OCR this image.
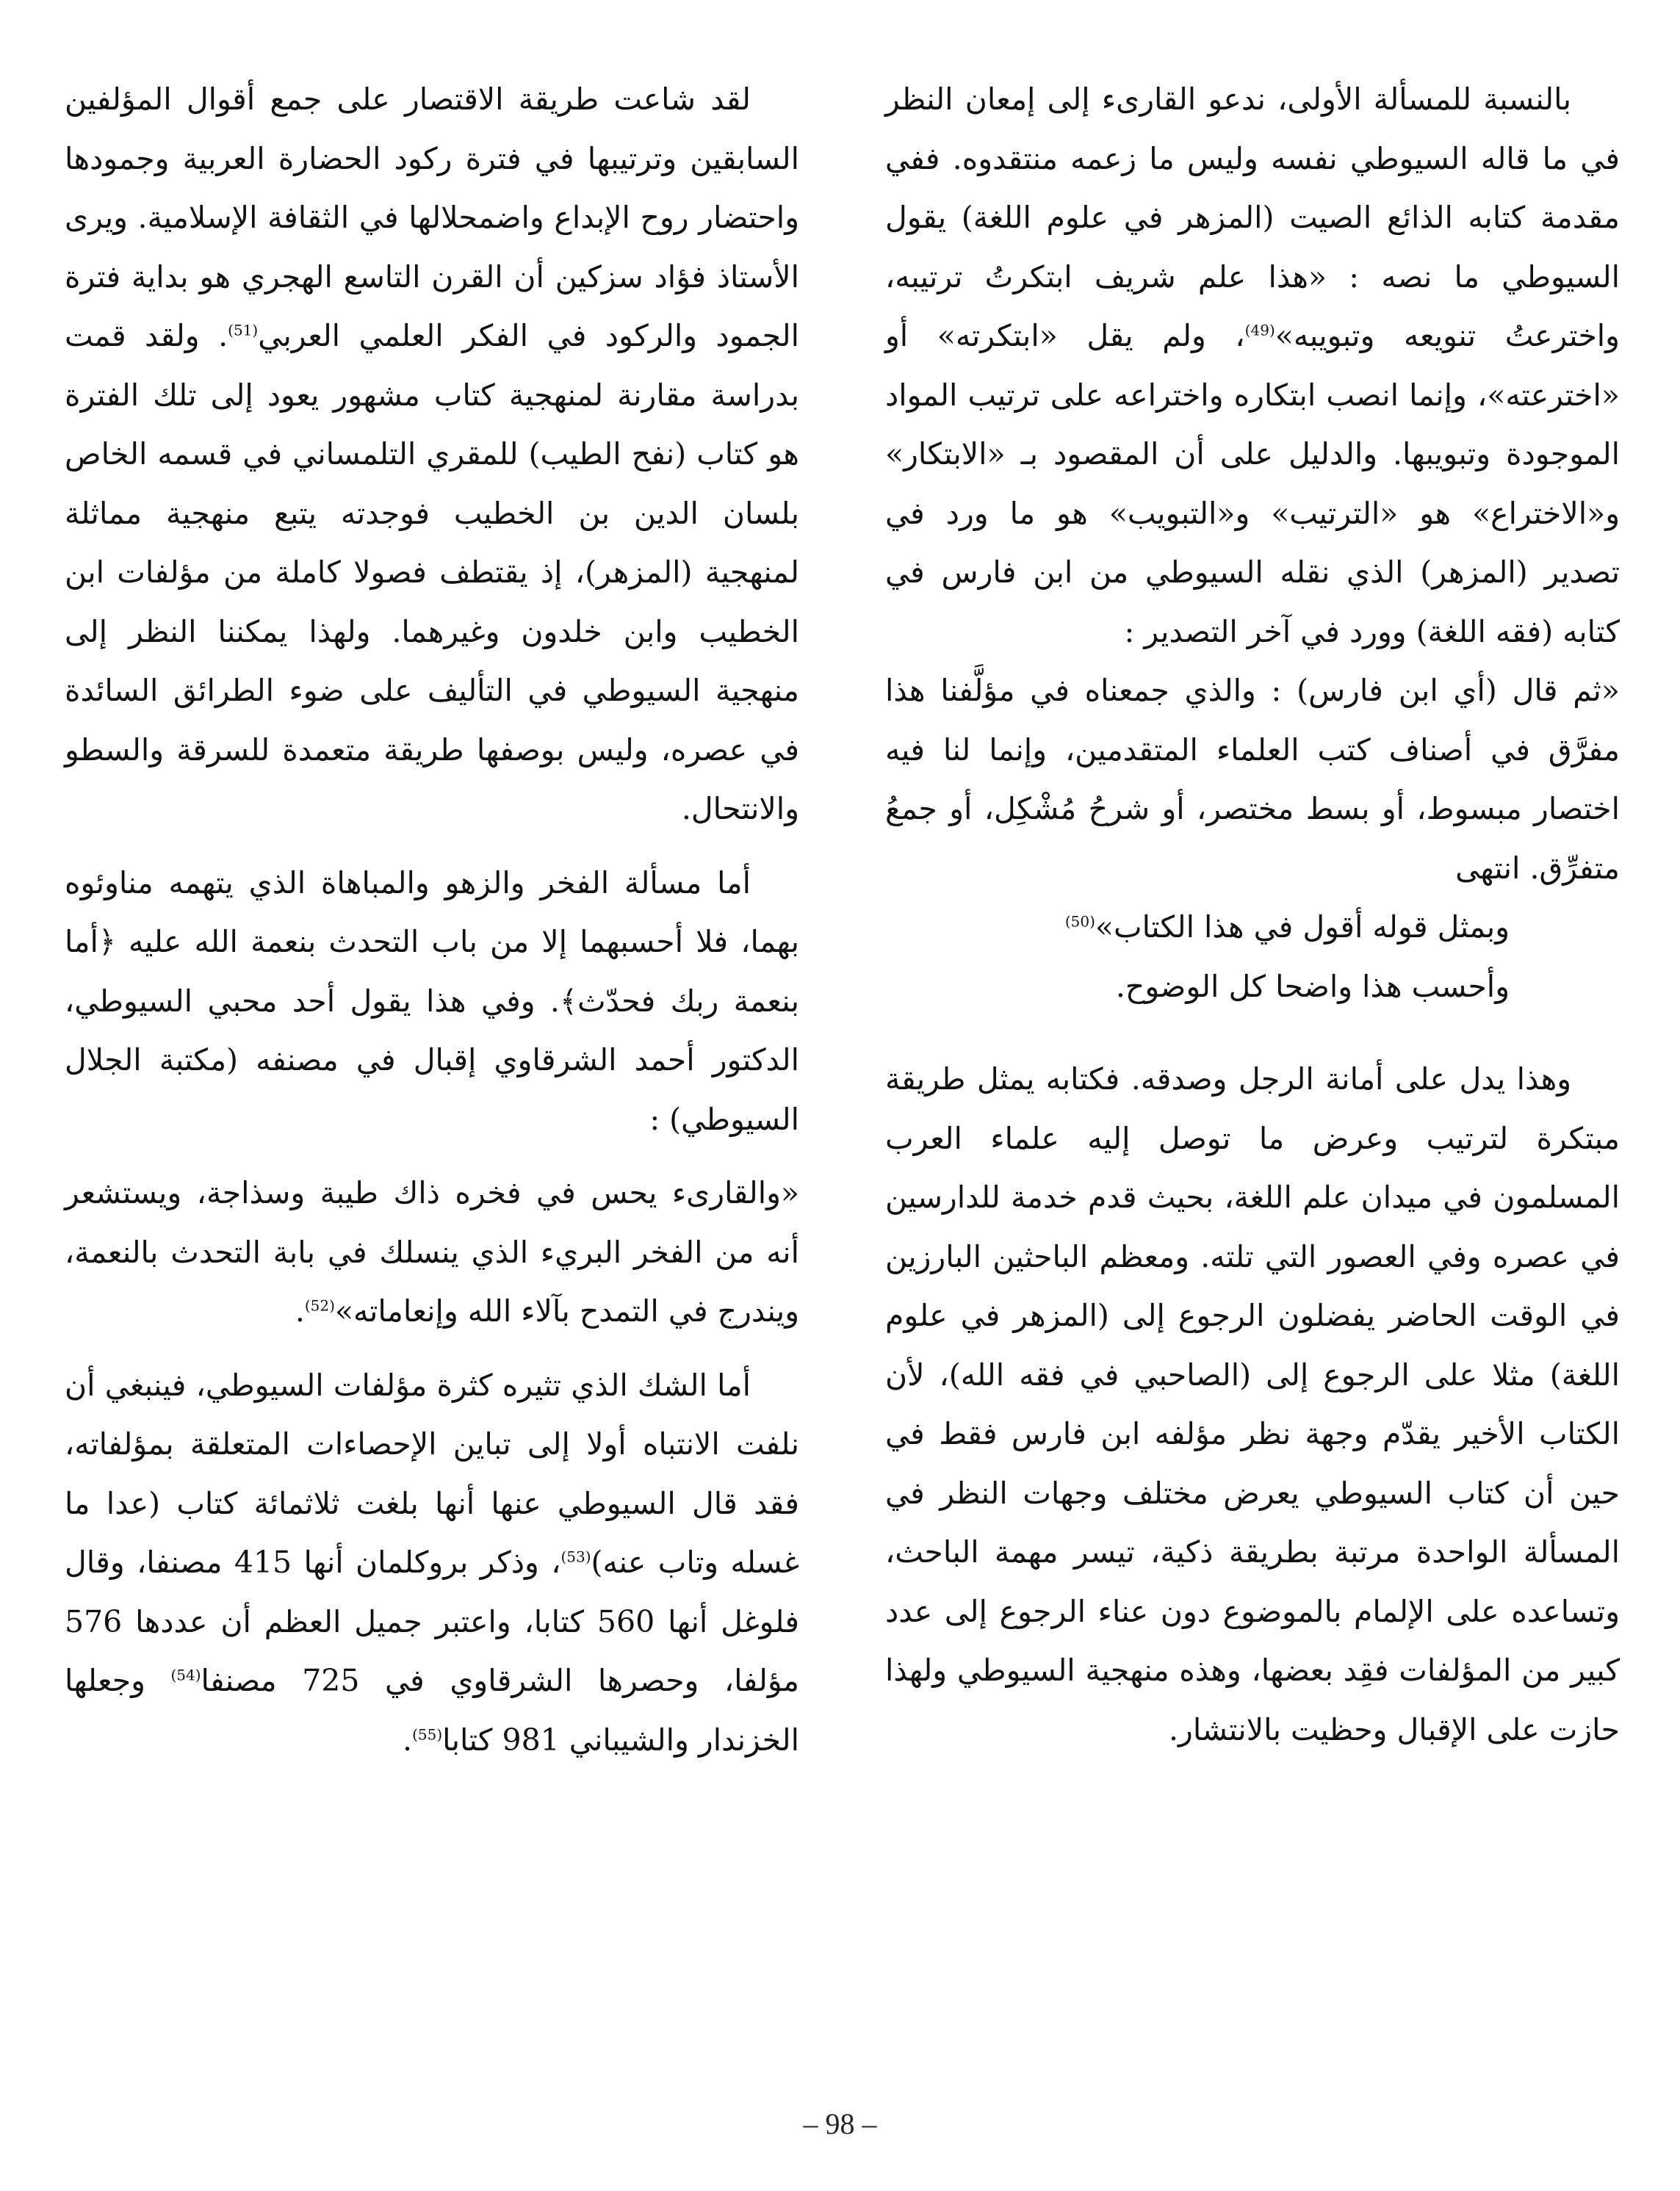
بالنسبة للمسألة الأولى، ندعو القارىء إلى إمعان النظر في ما قاله السيوطي نفسه وليس ما زعمه منتقدوه. ففي مقدمة كتابه الذائع الصيت (المزهر في علوم اللغة) يقول السيوطي ما نصه : «هذا علم شريف ابتكرتُ ترتيبه، واخترعتُ تنويعه وتبويبه»$^{(49)}$، ولم يقل «ابتكرته» أو «اخترعته»، وإنما انصب ابتكاره واختراعه على ترتيب المواد الموجودة وتبويبها. والدليل على أن المقصود بـ «الابتكار» و«الاختراع» هو «الترتيب» و«التبويب» هو ما ورد في تصدير (المزهر) الذي نقله السيوطي من ابن فارس في كتابه (فقه اللغة) وورد في آخر التصدير :

«ثم قال (أي ابن فارس) : والذي جمعناه في مؤلَّفنا هذا مفرَّق في أصناف كتب العلماء المتقدمين، وإنما لنا فيه اختصار مبسوط، أو بسط مختصر، أو شرحُ مُشْكِل، أو جمعُ متفرِّق. انتهى

وبمثل قوله أقول في هذا الكتاب»$^{(50)}$
وأحسب هذا واضحا كل الوضوح.

وهذا يدل على أمانة الرجل وصدقه. فكتابه يمثل طريقة مبتكرة لترتيب وعرض ما توصل إليه علماء العرب المسلمون في ميدان علم اللغة، بحيث قدم خدمة للدارسين في عصره وفي العصور التي تلته. ومعظم الباحثين البارزين في الوقت الحاضر يفضلون الرجوع إلى (المزهر في علوم اللغة) مثلا على الرجوع إلى (الصاحبي في فقه الله)، لأن الكتاب الأخير يقدّم وجهة نظر مؤلفه ابن فارس فقط في حين أن كتاب السيوطي يعرض مختلف وجهات النظر في المسألة الواحدة مرتبة بطريقة ذكية، تيسر مهمة الباحث، وتساعده على الإلمام بالموضوع دون عناء الرجوع إلى عدد كبير من المؤلفات فقِد بعضها، وهذه منهجية السيوطي ولهذا حازت على الإقبال وحظيت بالانتشار.

لقد شاعت طريقة الاقتصار على جمع أقوال المؤلفين السابقين وترتيبها في فترة ركود الحضارة العربية وجمودها واحتضار روح الإبداع واضمحلالها في الثقافة الإسلامية. ويرى الأستاذ فؤاد سزكين أن القرن التاسع الهجري هو بداية فترة الجمود والركود في الفكر العلمي العربي$^{(51)}$. ولقد قمت بدراسة مقارنة لمنهجية كتاب مشهور يعود إلى تلك الفترة هو كتاب (نفح الطيب) للمقري التلمساني في قسمه الخاص بلسان الدين بن الخطيب فوجدته يتبع منهجية مماثلة لمنهجية (المزهر)، إذ يقتطف فصولا كاملة من مؤلفات ابن الخطيب وابن خلدون وغيرهما. ولهذا يمكننا النظر إلى منهجية السيوطي في التأليف على ضوء الطرائق السائدة في عصره، وليس بوصفها طريقة متعمدة للسرقة والسطو والانتحال.

أما مسألة الفخر والزهو والمباهاة الذي يتهمه مناوئوه بهما، فلا أحسبهما إلا من باب التحدث بنعمة الله عليه ﴿أما بنعمة ربك فحدّث﴾. وفي هذا يقول أحد محبي السيوطي، الدكتور أحمد الشرقاوي إقبال في مصنفه (مكتبة الجلال السيوطي) :

«والقارىء يحس في فخره ذاك طيبة وسذاجة، ويستشعر أنه من الفخر البريء الذي ينسلك في بابة التحدث بالنعمة، ويندرج في التمدح بآلاء الله وإنعاماته»$^{(52)}$.

أما الشك الذي تثيره كثرة مؤلفات السيوطي، فينبغي أن نلفت الانتباه أولا إلى تباين الإحصاءات المتعلقة بمؤلفاته، فقد قال السيوطي عنها أنها بلغت ثلاثمائة كتاب (عدا ما غسله وتاب عنه)$^{(53)}$، وذكر بروكلمان أنها 415 مصنفا، وقال فلوغل أنها 560 كتابا، واعتبر جميل العظم أن عددها 576 مؤلفا، وحصرها الشرقاوي في 725 مصنفا$^{(54)}$ وجعلها الخزندار والشيباني 981 كتابا$^{(55)}$.

– 98 –
